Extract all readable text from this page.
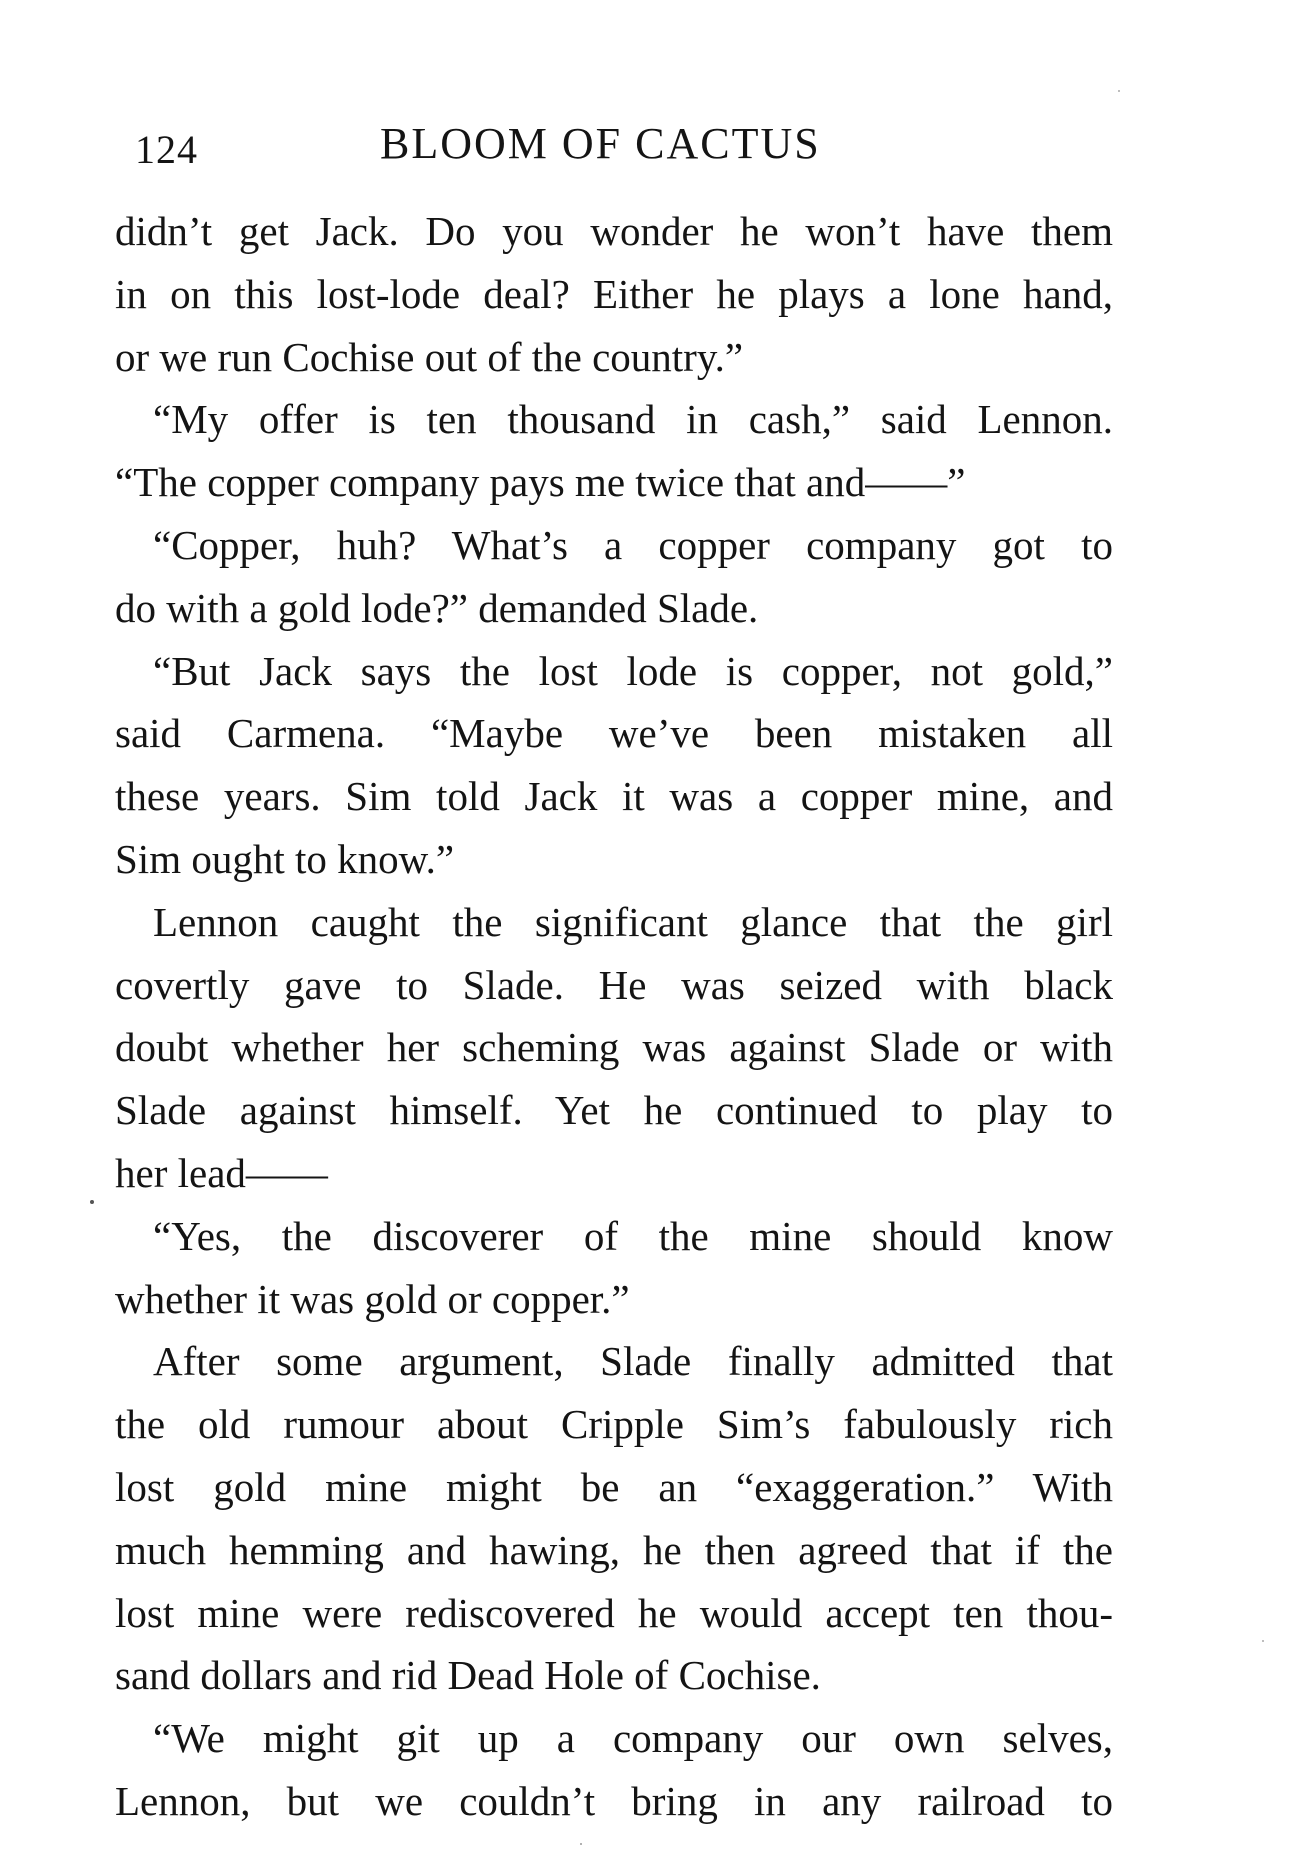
124	BLOOM OF CACTUS
didn’t get Jack. Do you wonder he won’t have them
in on this lost-lode deal? Either he plays a lone hand,
or we run Cochise out of the country.”
“My offer is ten thousand in cash,” said Lennon.
“The copper company pays me twice that and——”
“Copper, huh? What’s a copper company got to
do with a gold lode?” demanded Slade.
“But Jack says the lost lode is copper, not gold,”
said Carmena. “Maybe we’ve been mistaken all
these years. Sim told Jack it was a copper mine, and
Sim ought to know.”
Lennon caught the significant glance that the girl
covertly gave to Slade. He was seized with black
doubt whether her scheming was against Slade or with
Slade against himself. Yet he continued to play to
her lead——
“Yes, the discoverer of the mine should know
whether it was gold or copper.”
After some argument, Slade finally admitted that
the old rumour about Cripple Sim’s fabulously rich
lost gold mine might be an “exaggeration.” With
much hemming and hawing, he then agreed that if the
lost mine were rediscovered he would accept ten thou-
sand dollars and rid Dead Hole of Cochise.
“We might git up a company our own selves,
Lennon, but we couldn’t bring in any railroad to
